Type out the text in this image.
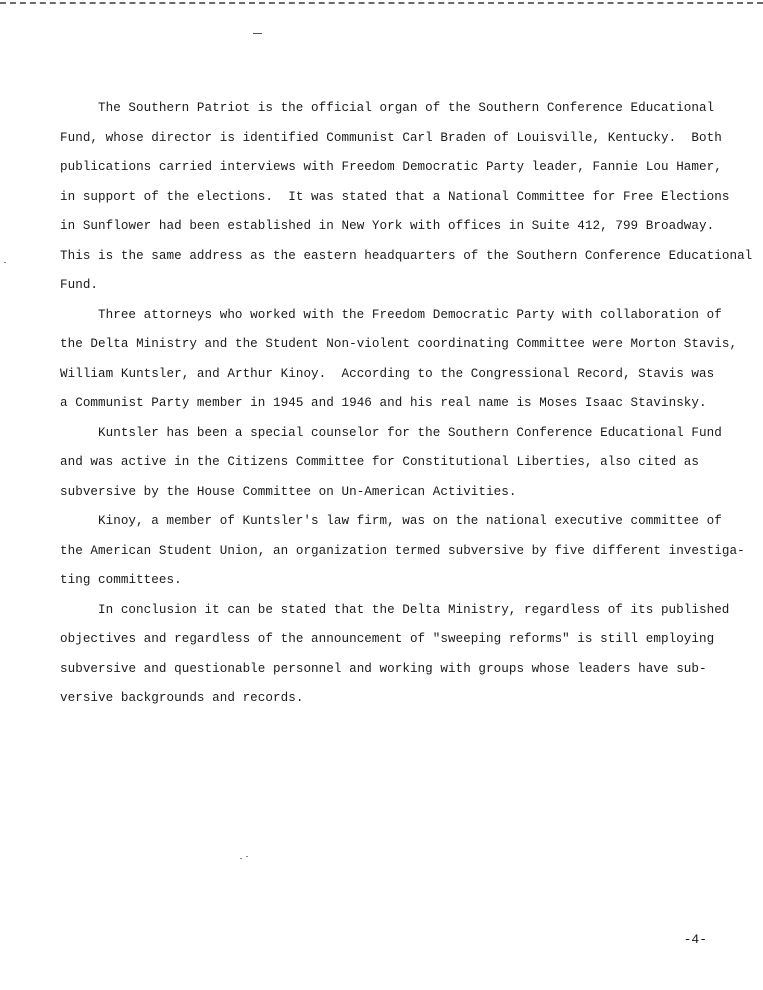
The Southern Patriot is the official organ of the Southern Conference Educational
Fund, whose director is identified Communist Carl Braden of Louisville, Kentucky.  Both
publications carried interviews with Freedom Democratic Party leader, Fannie Lou Hamer,
in support of the elections.  It was stated that a National Committee for Free Elections
in Sunflower had been established in New York with offices in Suite 412, 799 Broadway.
This is the same address as the eastern headquarters of the Southern Conference Educational
Fund.
Three attorneys who worked with the Freedom Democratic Party with collaboration of
the Delta Ministry and the Student Non-violent coordinating Committee were Morton Stavis,
William Kuntsler, and Arthur Kinoy.  According to the Congressional Record, Stavis was
a Communist Party member in 1945 and 1946 and his real name is Moses Isaac Stavinsky.
Kuntsler has been a special counselor for the Southern Conference Educational Fund
and was active in the Citizens Committee for Constitutional Liberties, also cited as
subversive by the House Committee on Un-American Activities.
Kinoy, a member of Kuntsler's law firm, was on the national executive committee of
the American Student Union, an organization termed subversive by five different investiga-
ting committees.
In conclusion it can be stated that the Delta Ministry, regardless of its published
objectives and regardless of the announcement of "sweeping reforms" is still employing
subversive and questionable personnel and working with groups whose leaders have sub-
versive backgrounds and records.
-4-
